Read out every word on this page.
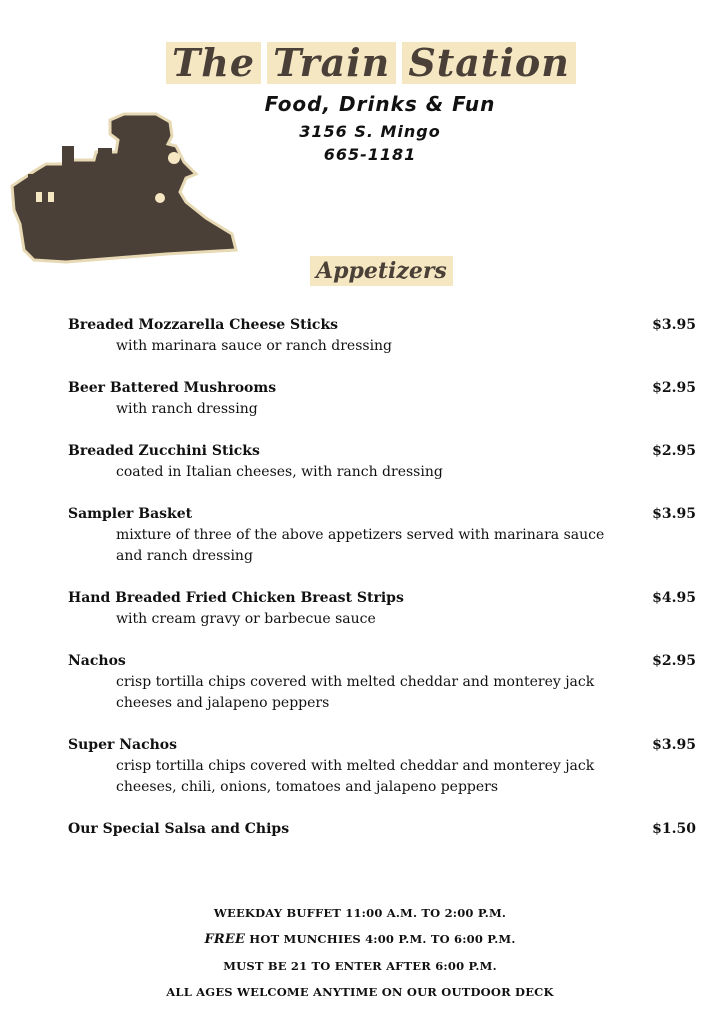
The Train Station
Food, Drinks & Fun
3156 S. Mingo
665-1181
Appetizers
Breaded Mozzarella Cheese Sticks	$3.95
with marinara sauce or ranch dressing
Beer Battered Mushrooms	$2.95
with ranch dressing
Breaded Zucchini Sticks	$2.95
coated in Italian cheeses, with ranch dressing
Sampler Basket	$3.95
mixture of three of the above appetizers served with marinara sauce and ranch dressing
Hand Breaded Fried Chicken Breast Strips	$4.95
with cream gravy or barbecue sauce
Nachos	$2.95
crisp tortilla chips covered with melted cheddar and monterey jack cheeses and jalapeno peppers
Super Nachos	$3.95
crisp tortilla chips covered with melted cheddar and monterey jack cheeses, chili, onions, tomatoes and jalapeno peppers
Our Special Salsa and Chips	$1.50
WEEKDAY BUFFET 11:00 A.M. TO 2:00 P.M.
FREE HOT MUNCHIES 4:00 P.M. TO 6:00 P.M.
MUST BE 21 TO ENTER AFTER 6:00 P.M.
ALL AGES WELCOME ANYTIME ON OUR OUTDOOR DECK
